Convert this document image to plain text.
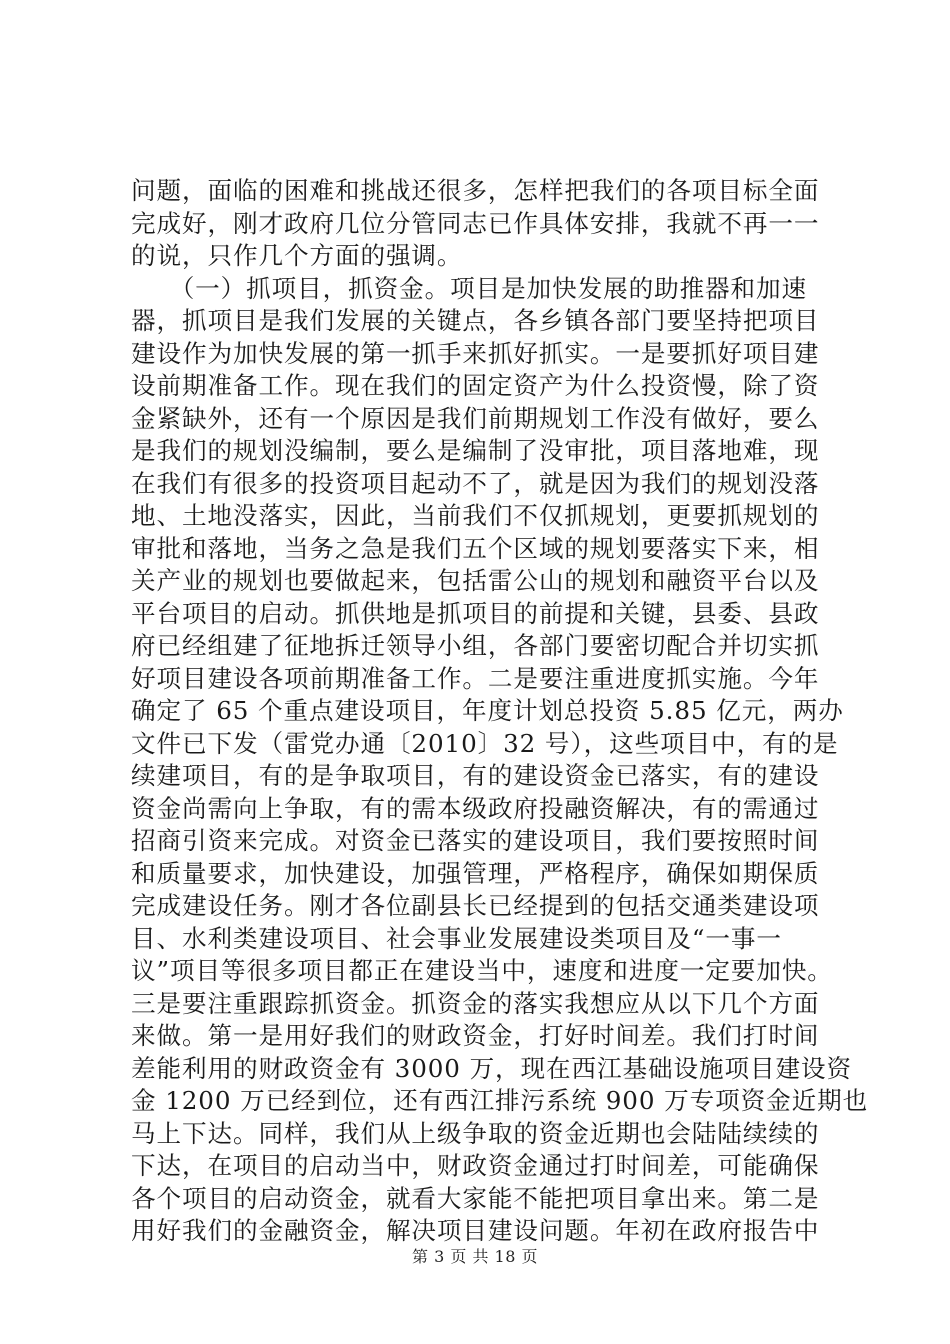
问题，面临的困难和挑战还很多，怎样把我们的各项目标全面
完成好，刚才政府几位分管同志已作具体安排，我就不再一一
的说，只作几个方面的强调。
　　（一）抓项目，抓资金。项目是加快发展的助推器和加速
器，抓项目是我们发展的关键点，各乡镇各部门要坚持把项目
建设作为加快发展的第一抓手来抓好抓实。一是要抓好项目建
设前期准备工作。现在我们的固定资产为什么投资慢，除了资
金紧缺外，还有一个原因是我们前期规划工作没有做好，要么
是我们的规划没编制，要么是编制了没审批，项目落地难，现
在我们有很多的投资项目起动不了，就是因为我们的规划没落
地、土地没落实，因此，当前我们不仅抓规划，更要抓规划的
审批和落地，当务之急是我们五个区域的规划要落实下来，相
关产业的规划也要做起来，包括雷公山的规划和融资平台以及
平台项目的启动。抓供地是抓项目的前提和关键，县委、县政
府已经组建了征地拆迁领导小组，各部门要密切配合并切实抓
好项目建设各项前期准备工作。二是要注重进度抓实施。今年
确定了 65 个重点建设项目，年度计划总投资 5.85 亿元，两办
文件已下发（雷党办通〔2010〕32 号），这些项目中，有的是
续建项目，有的是争取项目，有的建设资金已落实，有的建设
资金尚需向上争取，有的需本级政府投融资解决，有的需通过
招商引资来完成。对资金已落实的建设项目，我们要按照时间
和质量要求，加快建设，加强管理，严格程序，确保如期保质
完成建设任务。刚才各位副县长已经提到的包括交通类建设项
目、水利类建设项目、社会事业发展建设类项目及“一事一
议”项目等很多项目都正在建设当中，速度和进度一定要加快。
三是要注重跟踪抓资金。抓资金的落实我想应从以下几个方面
来做。第一是用好我们的财政资金，打好时间差。我们打时间
差能利用的财政资金有 3000 万，现在西江基础设施项目建设资
金 1200 万已经到位，还有西江排污系统 900 万专项资金近期也
马上下达。同样，我们从上级争取的资金近期也会陆陆续续的
下达，在项目的启动当中，财政资金通过打时间差，可能确保
各个项目的启动资金，就看大家能不能把项目拿出来。第二是
用好我们的金融资金，解决项目建设问题。年初在政府报告中
第 3 页 共 18 页
